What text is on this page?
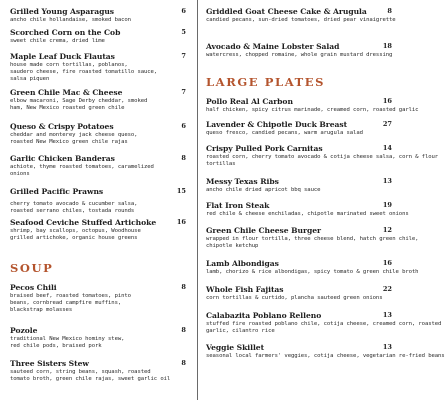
Grilled Young Asparagus	6
ancho chile hollandaise, smoked bacon
Scorched Corn on the Cob	5
sweet chile crema, dried lime
Maple Leaf Duck Flautas	7
house made corn tortillas, poblanos,
saudero cheese, fire roasted tomatillo sauce,
salsa piquen
Green Chile Mac & Cheese	7
elbow macaroni, Sage Derby cheddar, smoked
ham, New Mexico roasted green chile
Queso & Crispy Potatoes	6
cheddar and monterey jack cheese queso,
roasted New Mexico green chile rajas
Garlic Chicken Banderas	8
achiote, thyme roasted tomatoes, caramelized
onions
Grilled Pacific Prawns	15
cherry tomato avocado & cucumber salsa,
roasted serrano chiles, tostada rounds
Seafood Ceviche Stuffed Artichoke	16
shrimp, bay scallops, octopus, Woodhouse
grilled artichoke, organic house greens
SOUP
Pecos Chili	8
braised beef, roasted tomatoes, pinto
beans, cornbread campfire muffins,
blackstrap molasses
Pozole	8
traditional New Mexico hominy stew,
red chile pods, braised pork
Three Sisters Stew	8
sauteed corn, string beans, squash, roasted
tomato broth, green chile rajas, sweet garlic oil
Griddled Goat Cheese Cake & Arugula	8
candied pecans, sun-dried tomatoes, dried pear vinaigrette
Avocado & Maine Lobster Salad	18
watercress, chopped romaine, whole grain mustard dressing
LARGE PLATES
Pollo Real Al Carbon	16
half chicken, spicy citrus marinade, creamed corn, roasted garlic
Lavender & Chipotle Duck Breast	27
queso fresco, candied pecans, warm arugula salad
Crispy Pulled Pork Carnitas	14
roasted corn, cherry tomato avocado & cotija cheese salsa, corn & flour
tortillas
Messy Texas Ribs	13
ancho chile dried apricot bbq sauce
Flat Iron Steak	19
red chile & cheese enchiladas, chipotle marinated sweet onions
Green Chile Cheese Burger	12
wrapped in flour tortilla, three cheese blend, hatch green chile,
chipotle ketchup
Lamb Albondigas	16
lamb, chorizo & rice albondigas, spicy tomato & green chile broth
Whole Fish Fajitas	22
corn tortillas & curtido, plancha sauteed green onions
Calabazita Poblano Relleno	13
stuffed fire roasted poblano chile, cotija cheese, creamed corn, roasted
garlic, cilantro rice
Veggie Skillet	13
seasonal local farmers' veggies, cotija cheese, vegetarian re-fried beans
